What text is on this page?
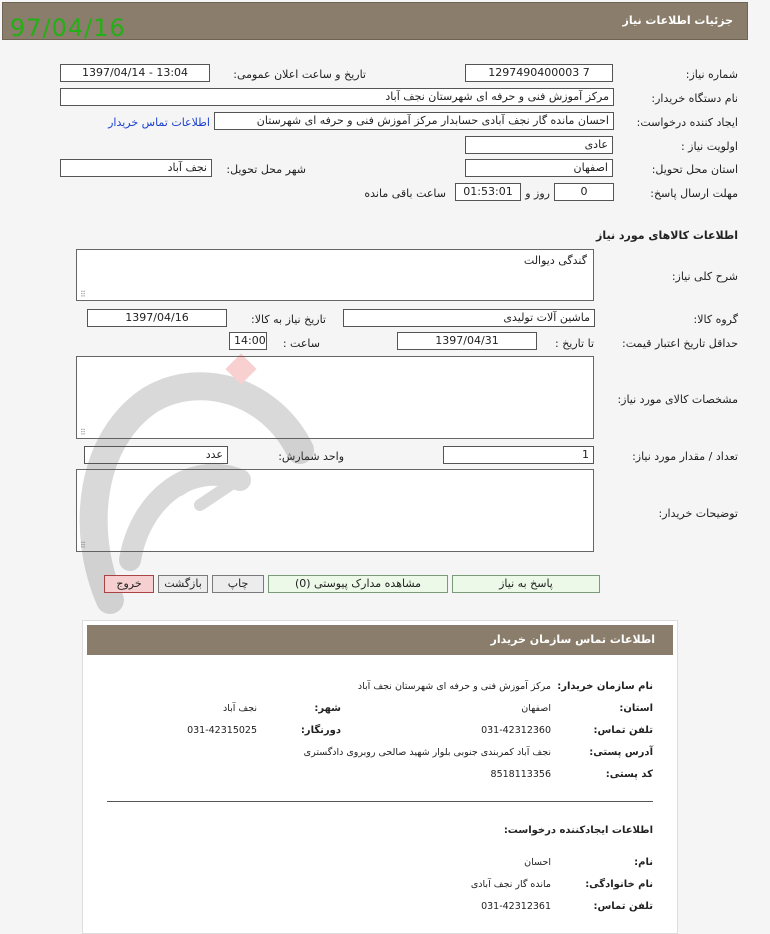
جزئیات اطلاعات نیاز
97/04/16
شماره نیاز:
1297490400003 7
تاریخ و ساعت اعلان عمومی:
1397/04/14 - 13:04
نام دستگاه خریدار:
مرکز آموزش فنی و حرفه ای شهرستان نجف آباد
ایجاد کننده درخواست:
احسان مانده گار نجف آبادی حسابدار مرکز آموزش فنی و حرفه ای شهرستان
اطلاعات تماس خریدار
اولویت نیاز :
عادی
استان محل تحویل:
اصفهان
شهر محل تحویل:
نجف آباد
مهلت ارسال پاسخ:
0
روز و
01:53:01
ساعت باقی مانده
اطلاعات کالاهای مورد نیاز
شرح کلی نیاز:
گندگی دیوالت
⠿
گروه کالا:
ماشین آلات تولیدی
تاریخ نیاز به کالا:
1397/04/16
حداقل تاریخ اعتبار قیمت:
تا تاریخ :
1397/04/31
ساعت :
14:00
مشخصات کالای مورد نیاز:
⠿
تعداد / مقدار مورد نیاز:
1
واحد شمارش:
عدد
توضیحات خریدار:
⠿
پاسخ به نیاز
مشاهده مدارک پیوستی (0)
چاپ
بازگشت
خروج
اطلاعات تماس سازمان خریدار
نام سازمان خریدار:
مرکز آموزش فنی و حرفه ای شهرستان نجف آباد
استان:
اصفهان
شهر:
نجف آباد
تلفن تماس:
031-42312360
دورنگار:
031-42315025
آدرس پستی:
نجف آباد کمربندی جنوبی بلوار شهید صالحی روبروی دادگستری
کد پستی:
8518113356
اطلاعات ایجادکننده درخواست:
نام:
احسان
نام خانوادگی:
مانده گار نجف آبادی
تلفن تماس:
031-42312361
